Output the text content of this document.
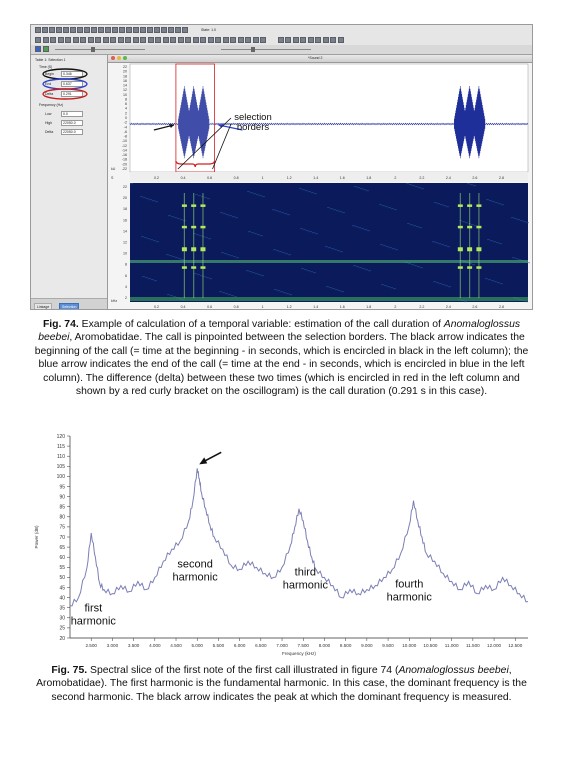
State: 1.0
Table 1: Selection 1
Time (S)
Begin	0.346
End	0.637
Delta	0.291
Frequency (Hz)
Low	0.0
High	22050.0
Delta	22050.0
Linkage	Selection
*Sound 2
22
20
18
16
14
12
10
8
6
4
2
0
-2
-4
-6
-8
-10
-12
-14
-16
-18
-20
-22
kU
selection
borders
0.2	0.4	0.6	0.8	1	1.2	1.4	1.6	1.8	2	2.2	2.4	2.6	2.8
S
22
20
18
16
14
12
10
8
6
4
2
kHz
0.2	0.4	0.6	0.8	1	1.2	1.4	1.6	1.8	2	2.2	2.4	2.6	2.8
Fig. 74. Example of calculation of a temporal variable: estimation of the call duration of Anomaloglossus beebei, Aromobatidae. The call is pinpointed between the selection borders. The black arrow indicates the beginning of the call (= time at the beginning - in seconds, which is encircled in black in the left column); the blue arrow indicates the end of the call (= time at the end - in seconds, which is encircled in blue in the left column). The difference (delta) between these two times (which is encircled in red in the left column and shown by a red curly bracket on the oscillogram) is the call duration (0.291 s in this case).
120
115
110
105
100
95
90
85
80
75
70
65
60
55
50
45
40
35
30
25
20
2.500 3.000 3.500 4.000 4.500 5.000 5.500 6.000 6.500 7.000 7.500 8.000 8.500 9.000 9.500 10.000 10.500 11.000 11.500 12.000 12.500
Frequency (kHz)
Power (dB)
first
harmonic
second
harmonic	third
harmonic	fourth
harmonic
Fig. 75. Spectral slice of the first note of the first call illustrated in figure 74 (Anomaloglossus beebei, Aromobatidae). The first harmonic is the fundamental harmonic. In this case, the dominant frequency is the second harmonic. The black arrow indicates the peak at which the dominant frequency is measured.
